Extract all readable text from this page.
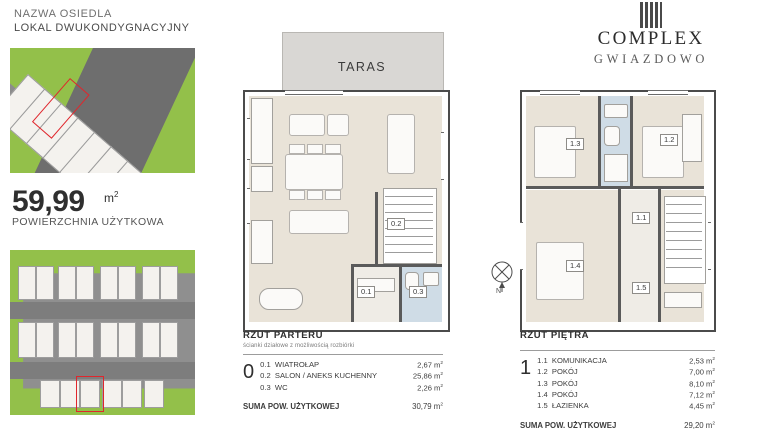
NAZWA OSIEDLA
LOKAL DWUKONDYGNACYJNY
59,99 $m^2$
POWIERZCHNIA UŻYTKOWA
COMPLEX
GWIAZDOWO
TARAS
0.2
0.1	0.3	N
1.3	1.2
1.1
1.4
1.5
RZUT PARTERU
ścianki działowe z możliwością rozbiórki
0 0.1 WIATROŁAP	2,67 $m^2$
0.2 SALON / ANEKS KUCHENNY	25,86 $m^2$
0.3 WC	2,26 $m^2$
SUMA POW. UŻYTKOWEJ	30,79 $m^2$
RZUT PIĘTRA
1 1.1 KOMUNIKACJA	2,53 $m^2$
1.2 POKÓJ	7,00 $m^2$
1.3 POKÓJ	8,10 $m^2$
1.4 POKÓJ	7,12 $m^2$
1.5 ŁAZIENKA	4,45 $m^2$
SUMA POW. UŻYTKOWEJ	29,20 $m^2$
